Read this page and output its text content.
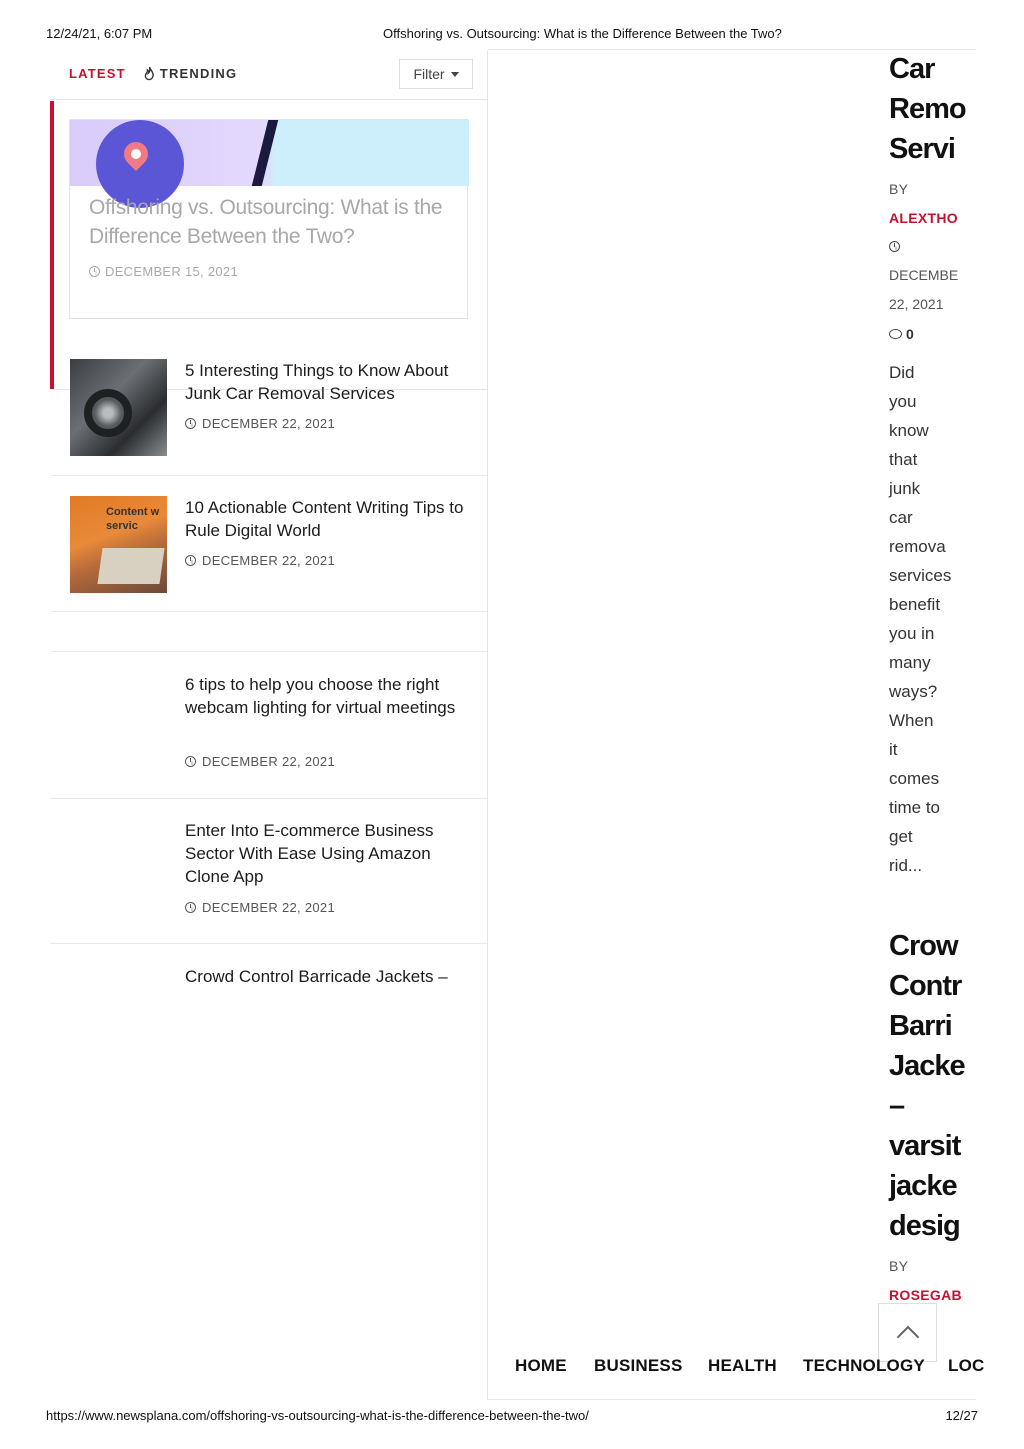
12/24/21, 6:07 PM	Offshoring vs. Outsourcing: What is the Difference Between the Two?
LATEST	TRENDING	Filter
Offshoring vs. Outsourcing: What is the Difference Between the Two?
DECEMBER 15, 2021
5 Interesting Things to Know About Junk Car Removal Services
DECEMBER 22, 2021
Content w servic
10 Actionable Content Writing Tips to Rule Digital World
DECEMBER 22, 2021
6 tips to help you choose the right webcam lighting for virtual meetings
DECEMBER 22, 2021
Enter Into E-commerce Business Sector With Ease Using Amazon Clone App
DECEMBER 22, 2021
Crowd Control Barricade Jackets –
Car
Remo
Servi
BY
ALEXTHO
DECEMBE
22, 2021
0
Did
you
know
that
junk
car
remova
services
benefit
you in
many
ways?
When
it
comes
time to
get
rid...
Crow
Contr
Barri
Jacke
–
varsit
jacke
desig
BY
ROSEGAB
HOME BUSINESS HEALTH TECHNOLOGY LOC
https://www.newsplana.com/offshoring-vs-outsourcing-what-is-the-difference-between-the-two/	12/27
